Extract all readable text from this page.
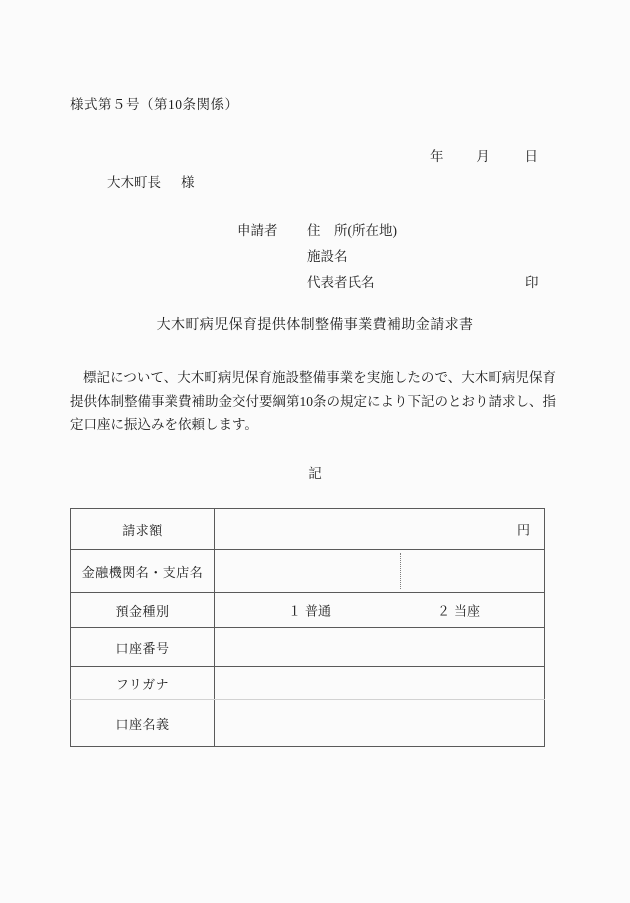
様式第５号（第10条関係）
年 月	日
大木町長 様
申請者 住　所(所在地)
施設名
代表者氏名	印
大木町病児保育提供体制整備事業費補助金請求書
標記について、大木町病児保育施設整備事業を実施したので、大木町病児保育提供体制整備事業費補助金交付要綱第10条の規定により下記のとおり請求し、指定口座に振込みを依頼します。
記
請求額	円

金融機関名・支店名	

預金種別	１ 普通 ２ 当座

口座番号	
フリガナ	
口座名義	
